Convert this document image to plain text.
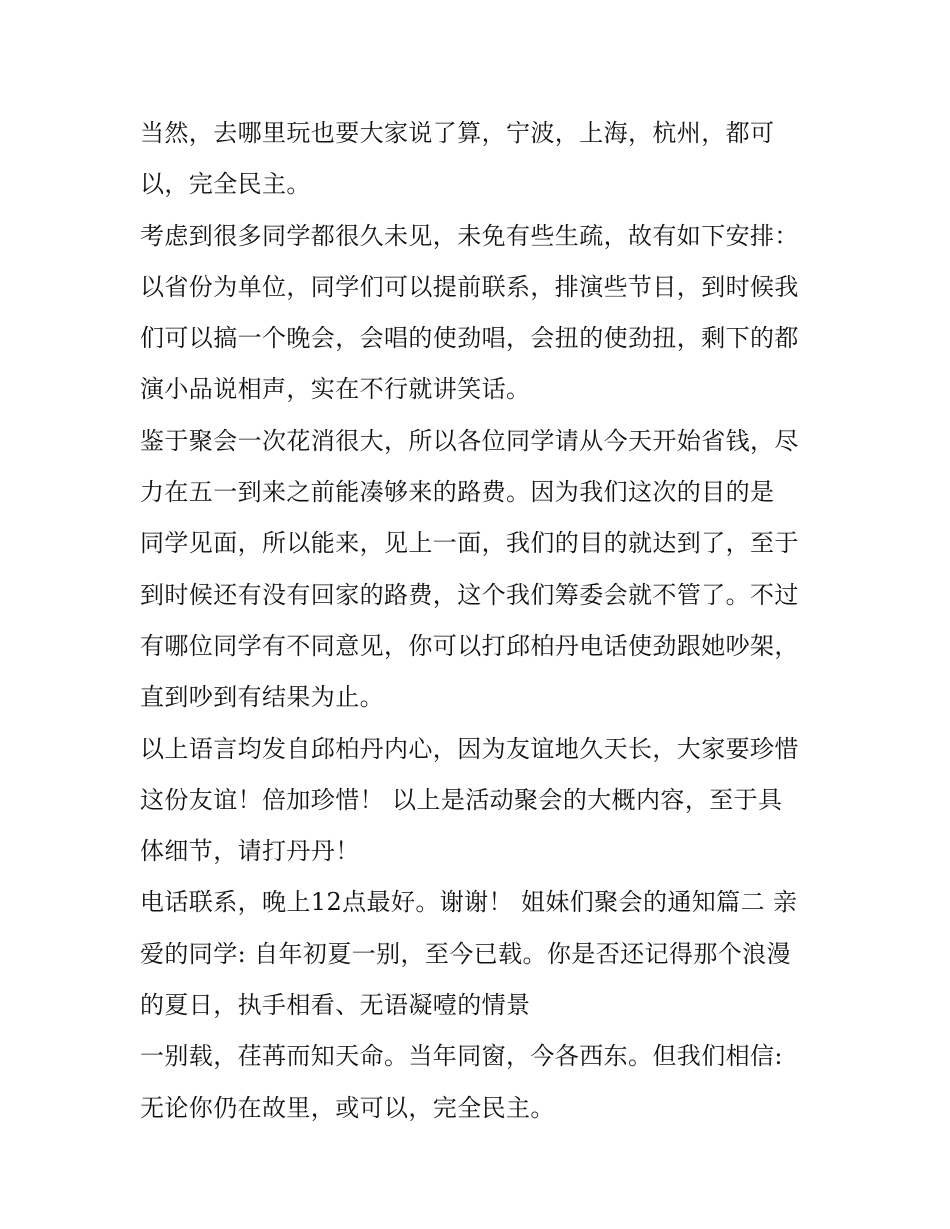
当然，去哪里玩也要大家说了算，宁波，上海，杭州，都可
以，完全民主。
考虑到很多同学都很久未见，未免有些生疏，故有如下安排：
以省份为单位，同学们可以提前联系，排演些节目，到时候我
们可以搞一个晚会，会唱的使劲唱，会扭的使劲扭，剩下的都
演小品说相声，实在不行就讲笑话。
鉴于聚会一次花消很大，所以各位同学请从今天开始省钱，尽
力在五一到来之前能凑够来的路费。因为我们这次的目的是
同学见面，所以能来，见上一面，我们的目的就达到了，至于
到时候还有没有回家的路费，这个我们筹委会就不管了。不过
有哪位同学有不同意见，你可以打邱柏丹电话使劲跟她吵架，
直到吵到有结果为止。
以上语言均发自邱柏丹内心，因为友谊地久天长，大家要珍惜
这份友谊！倍加珍惜！ 以上是活动聚会的大概内容，至于具
体细节，请打丹丹！
电话联系，晚上12点最好。谢谢！ 姐妹们聚会的通知篇二 亲
爱的同学: 自年初夏一别，至今已载。你是否还记得那个浪漫
的夏日，执手相看、无语凝噎的情景
一别载，荏苒而知天命。当年同窗，今各西东。但我们相信:
无论你仍在故里，或可以，完全民主。
